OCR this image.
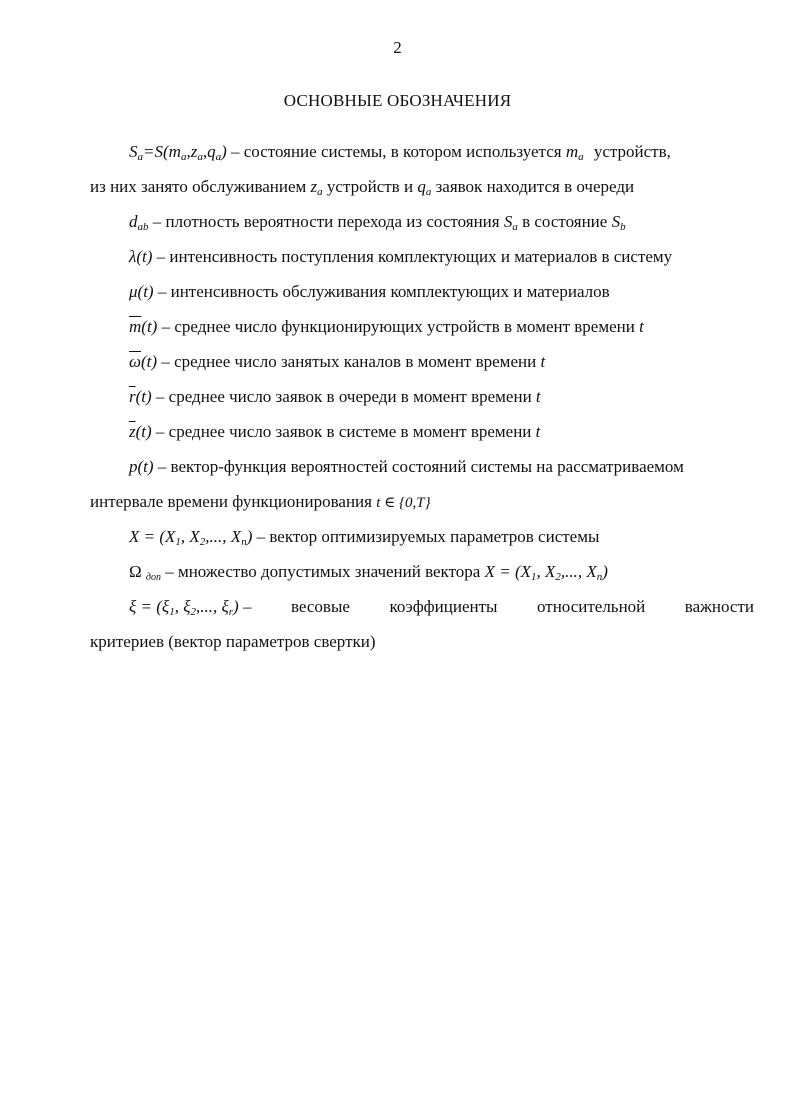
2
ОСНОВНЫЕ ОБОЗНАЧЕНИЯ
$S_a=S(m_a,z_a,q_a)$ – состояние системы, в котором используется $m_a$ устройств,
из них занято обслуживанием $z_a$ устройств и $q_a$ заявок находится в очереди
$d_{ab}$ – плотность вероятности перехода из состояния $S_a$ в состояние $S_b$
λ(t) – интенсивность поступления комплектующих и материалов в систему
μ(t) – интенсивность обслуживания комплектующих и материалов
$\overline{m}(t)$ – среднее число функционирующих устройств в момент времени t
$\overline{\omega}(t)$ – среднее число занятых каналов в момент времени t
$\overline{r}(t)$ – среднее число заявок в очереди в момент времени t
$\overline{z}(t)$ – среднее число заявок в системе в момент времени t
p(t) – вектор-функция вероятностей состояний системы на рассматриваемом
интервале времени функционирования t ∈ {0,T}
$X = (X_1$, $X_2$,..., $X_n$) – вектор оптимизируемых параметров системы
Ω $_{доп}$ – множество допустимых значений вектора $X = (X_1$, $X_2$,..., $X_n$)
$\xi = (\xi_1$, $\xi_2$,..., $\xi_r$) – весовые коэффициенты относительной важности
критериев (вектор параметров свертки)
